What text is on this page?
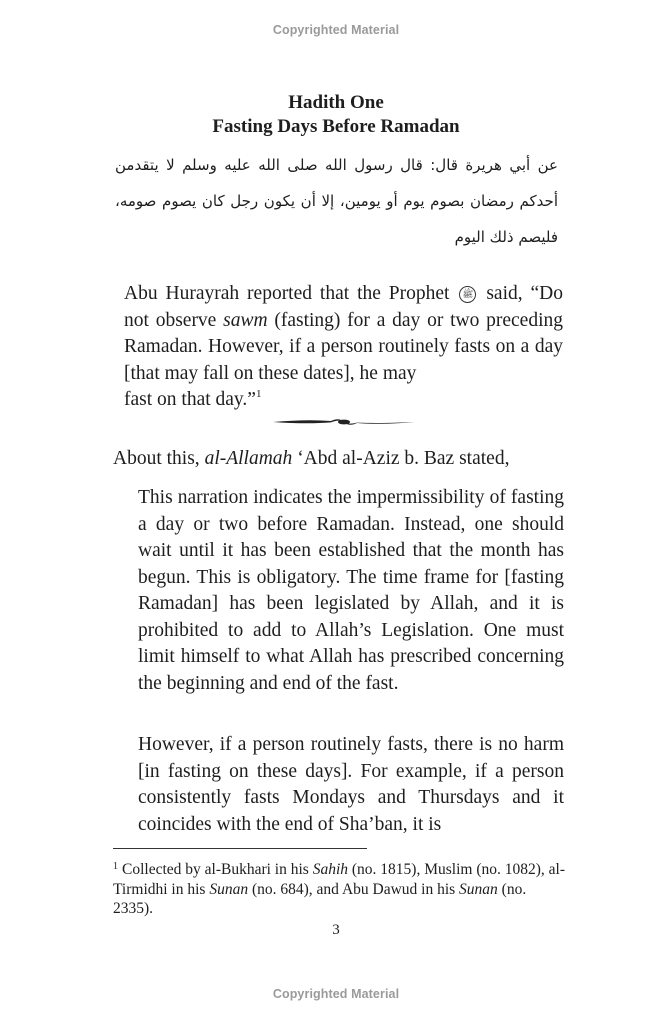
Copyrighted Material
Hadith One
Fasting Days Before Ramadan
عن أبي هريرة قال: قال رسول الله صلى الله عليه وسلم لا يتقدمن أحدكم رمضان بصوم يوم أو يومين، إلا أن يكون رجل كان يصوم صومه، فليصم ذلك اليوم
Abu Hurayrah reported that the Prophet ﷺ said, “Do not observe sawm (fasting) for a day or two preceding Ramadan. However, if a person routinely fasts on a day [that may fall on these dates], he may
fast on that day.”$^1$
About this, al-Allamah ‘Abd al-Aziz b. Baz stated,
This narration indicates the impermissibility of fasting a day or two before Ramadan. Instead, one should wait until it has been established that the month has begun. This is obligatory. The time frame for [fasting Ramadan] has been legislated by Allah, and it is prohibited to add to Allah’s Legislation. One must limit himself to what Allah has prescribed concerning the beginning and end of the fast.
However, if a person routinely fasts, there is no harm [in fasting on these days]. For example, if a person consistently fasts Mondays and Thursdays and it coincides with the end of Sha’ban, it is
$^1$ Collected by al-Bukhari in his Sahih (no. 1815), Muslim (no. 1082), al-Tirmidhi in his Sunan (no. 684), and Abu Dawud in his Sunan (no. 2335).
3
Copyrighted Material
